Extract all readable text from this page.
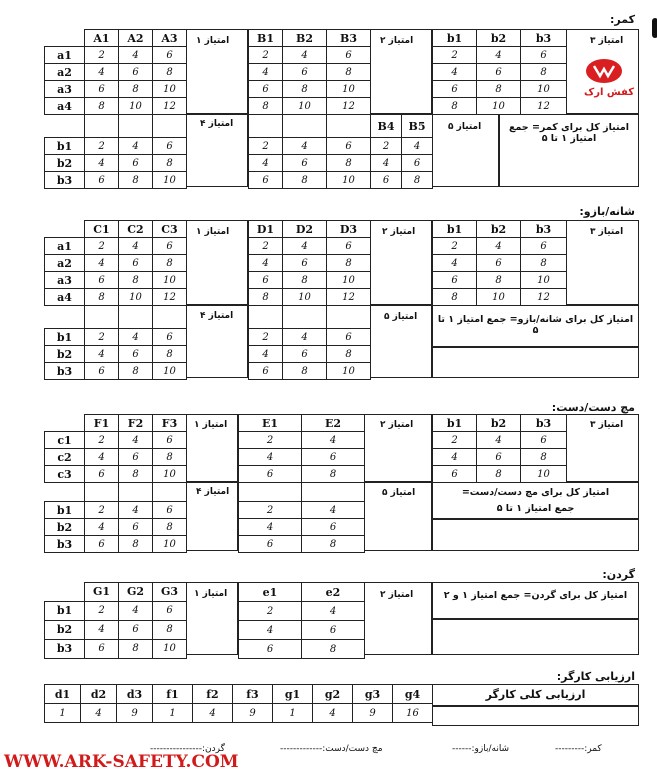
کمر:
	A1	A2	A3
a1	2	4	6
a2	4	6	8
a3	6	8	10
a4	8	10	12
امتیاز ۱	B1	B2	B3
2	4	6
4	6	8
6	8	10
8	10	12
امتیاز ۲	b1	b2	b3
2	4	6
4	6	8
6	8	10
8	10	12
امتیاز ۳
کفش ارک

b1	2	4	6
b2	4	6	8
b3	6	8	10
امتیاز ۴

2	4	6
4	6	8
6	8	10
B4	B5
2	4
4	6
6	8
امتیاز ۵	امتیاز کل برای کمر= جمع امتیاز ۱ تا ۵
شانه/بازو:
	C1	C2	C3
a1	2	4	6
a2	4	6	8
a3	6	8	10
a4	8	10	12
امتیاز ۱	D1	D2	D3
2	4	6
4	6	8
6	8	10
8	10	12
امتیاز ۲	b1	b2	b3
2	4	6
4	6	8
6	8	10
8	10	12
امتیاز ۳

b1	2	4	6
b2	4	6	8
b3	6	8	10
امتیاز ۴

2	4	6
4	6	8
6	8	10
امتیاز ۵ امتیاز کل برای شانه/بازو= جمع امتیاز ۱ تا ۵
مچ دست/دست:
	F1	F2	F3
c1	2	4	6
c2	4	6	8
c3	6	8	10
امتیاز ۱	E1	E2
2	4
4	6
6	8
امتیاز ۲	b1	b2	b3
2	4	6
4	6	8
6	8	10
امتیاز ۳

b1	2	4	6
b2	4	6	8
b3	6	8	10
امتیاز ۴

2	4
4	6
6	8
امتیاز ۵	امتیاز کل برای مچ دست/دست=
جمع امتیاز ۱ تا ۵
گردن:
	G1	G2	G3
b1	2	4	6
b2	4	6	8
b3	6	8	10
امتیاز ۱	e1	e2
2	4
4	6
6	8
امتیاز ۲	امتیاز کل برای گردن= جمع امتیاز ۱ و ۲
ارزیابی کارگر:
d1	d2	d3	f1	f2	f3	g1	g2	g3	g4
1	4	9	1	4	9	1	4	9	16
ارزیابی کلی کارگر
کمر:---------
شانه/بازو:------
مچ دست/دست:-------------
گردن:----------------
WWW.ARK-SAFETY.COM
